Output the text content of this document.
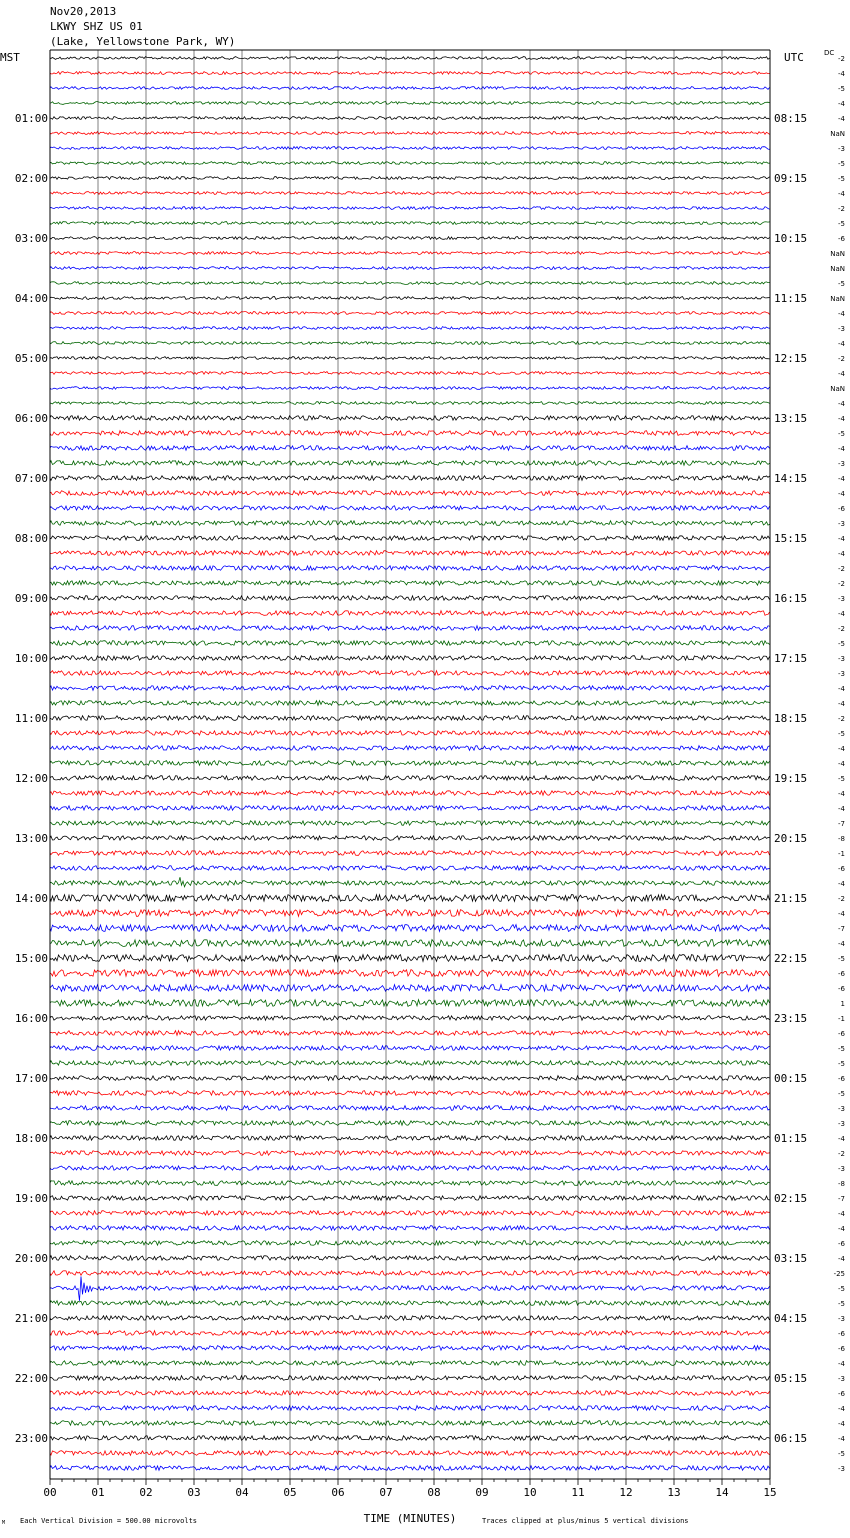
Nov20,2013
LKWY SHZ US 01
(Lake, Yellowstone Park, WY)
00	01	02	03	04	05	06	07	08	09	10	11	12	13	14	15
01:00
02:00
03:00
04:00
05:00
06:00
07:00
08:00
09:00
10:00
11:00
12:00
13:00
14:00
15:00
16:00
17:00
18:00
19:00
20:00
21:00
22:00
23:00
08:15
09:15
10:15
11:15
12:15
13:15
14:15
15:15
16:15
17:15
18:15
19:15
20:15
21:15
22:15
23:15
00:15
01:15
02:15
03:15
04:15
05:15
06:15
-2
-4
-5
-4
-4
NaN
-3
-5
-5
-4
-2
-5
-6
NaN
NaN
-5
NaN
-4
-3
-4
-2
-4
NaN
-4
-4
-5
-4
-3
-4
-4
-6
-3
-4
-4
-2
-2
-3
-4
-2
-5
-3
-3
-4
-4
-2
-5
-4
-4
-5
-4
-4
-7
-8
-1
-6
-4
-2
-4
-7
-4
-5
-6
-6
1
-1
-6
-5
-5
-6
-5
-3
-3
-4
-2
-3
-8
-7
-4
-4
-6
-4
-25
-5
-5
-3
-6
-6
-4
-3
-6
-4
-4
-4
-5
-3
MST	UTC	DC
TIME (MINUTES)
Each Vertical Division = 500.00 microvolts	Traces clipped at plus/minus 5 vertical divisions
M
